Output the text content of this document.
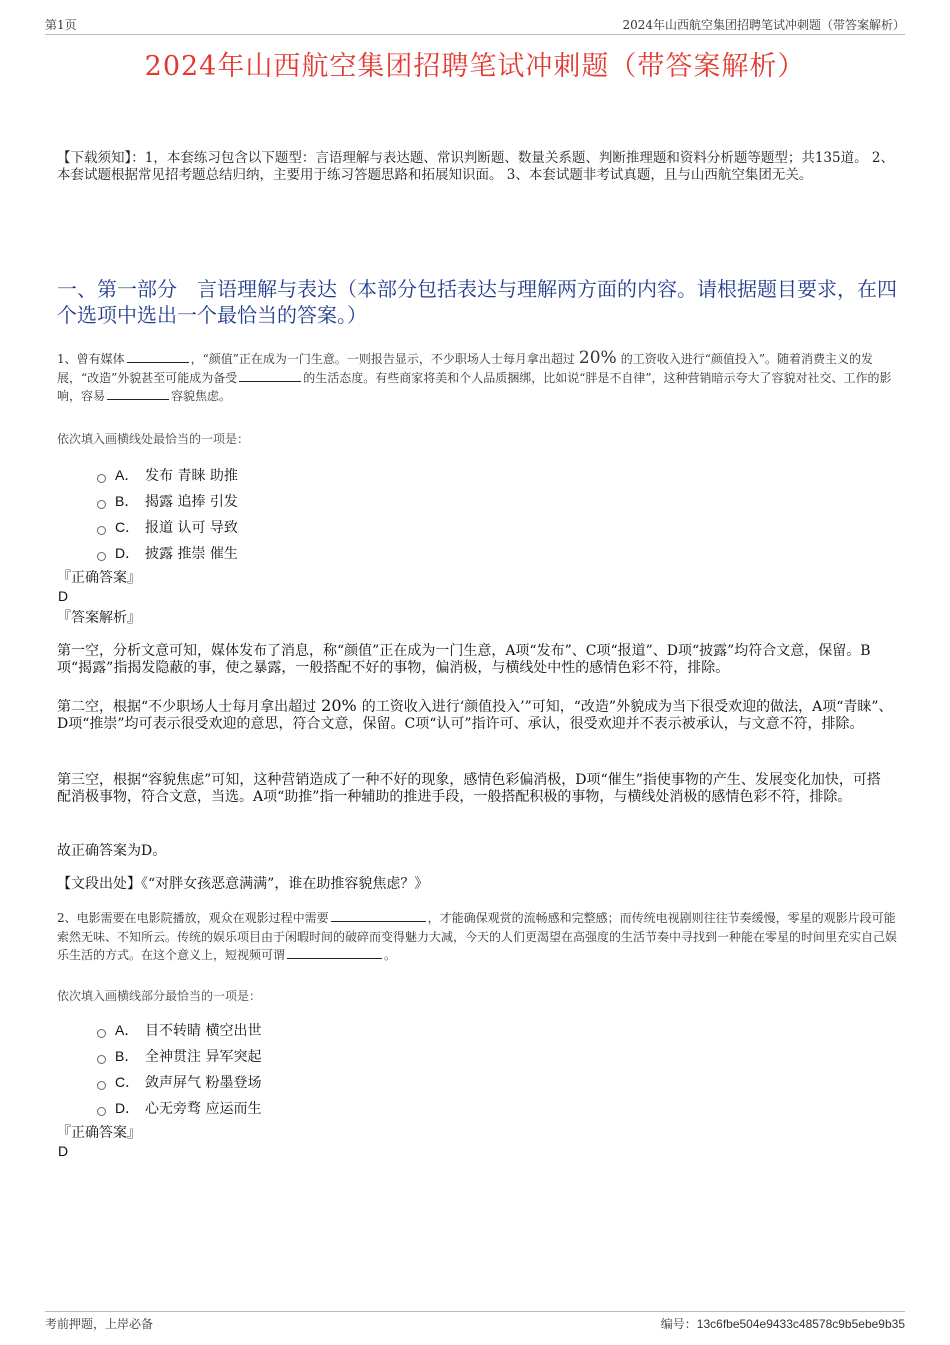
第1页	2024年山西航空集团招聘笔试冲刺题（带答案解析）
2024年山西航空集团招聘笔试冲刺题（带答案解析）
【下载须知】：1，本套练习包含以下题型：言语理解与表达题、常识判断题、数量关系题、判断推理题和资料分析题等题型；共135道。 2、本套试题根据常见招考题总结归纳，主要用于练习答题思路和拓展知识面。 3、本套试题非考试真题，且与山西航空集团无关。
一、第一部分　言语理解与表达（本部分包括表达与理解两方面的内容。请根据题目要求，在四个选项中选出一个最恰当的答案。）
1、曾有媒体	，“颜值”正在成为一门生意。一则报告显示，不少职场人士每月拿出超过 20% 的工资收入进行“颜值投入”。随着消费主义的发展，“改造”外貌甚至可能成为备受	的生活态度。有些商家将美和个人品质捆绑，比如说“胖是不自律”，这种营销暗示夸大了容貌对社交、工作的影响，容易	容貌焦虑。
依次填入画横线处最恰当的一项是：
A． 发布 青睐 助推
B． 揭露 追捧 引发
C． 报道 认可 导致
D． 披露 推崇 催生
『正确答案』
D
『答案解析』
第一空，分析文意可知，媒体发布了消息，称“颜值”正在成为一门生意，A项“发布”、C项“报道”、D项“披露”均符合文意，保留。B项“揭露”指揭发隐蔽的事，使之暴露，一般搭配不好的事物，偏消极，与横线处中性的感情色彩不符，排除。
第二空，根据“不少职场人士每月拿出超过 20% 的工资收入进行‘颜值投入’”可知，“改造”外貌成为当下很受欢迎的做法，A项“青睐”、D项“推崇”均可表示很受欢迎的意思，符合文意，保留。C项“认可”指许可、承认，很受欢迎并不表示被承认，与文意不符，排除。
第三空，根据“容貌焦虑”可知，这种营销造成了一种不好的现象，感情色彩偏消极，D项“催生”指使事物的产生、发展变化加快，可搭配消极事物，符合文意，当选。A项“助推”指一种辅助的推进手段，一般搭配积极的事物，与横线处消极的感情色彩不符，排除。
故正确答案为D。
【文段出处】《“对胖女孩恶意满满”，谁在助推容貌焦虑？》
2、电影需要在电影院播放，观众在观影过程中需要	，才能确保观赏的流畅感和完整感；而传统电视剧则往往节奏缓慢，零星的观影片段可能索然无味、不知所云。传统的娱乐项目由于闲暇时间的破碎而变得魅力大减，今天的人们更渴望在高强度的生活节奏中寻找到一种能在零星的时间里充实自己娱乐生活的方式。在这个意义上，短视频可谓	。
依次填入画横线部分最恰当的一项是：
A． 目不转睛 横空出世
B． 全神贯注 异军突起
C． 敛声屏气 粉墨登场
D． 心无旁骛 应运而生
『正确答案』
D
考前押题，上岸必备	编号：13c6fbe504e9433c48578c9b5ebe9b35
